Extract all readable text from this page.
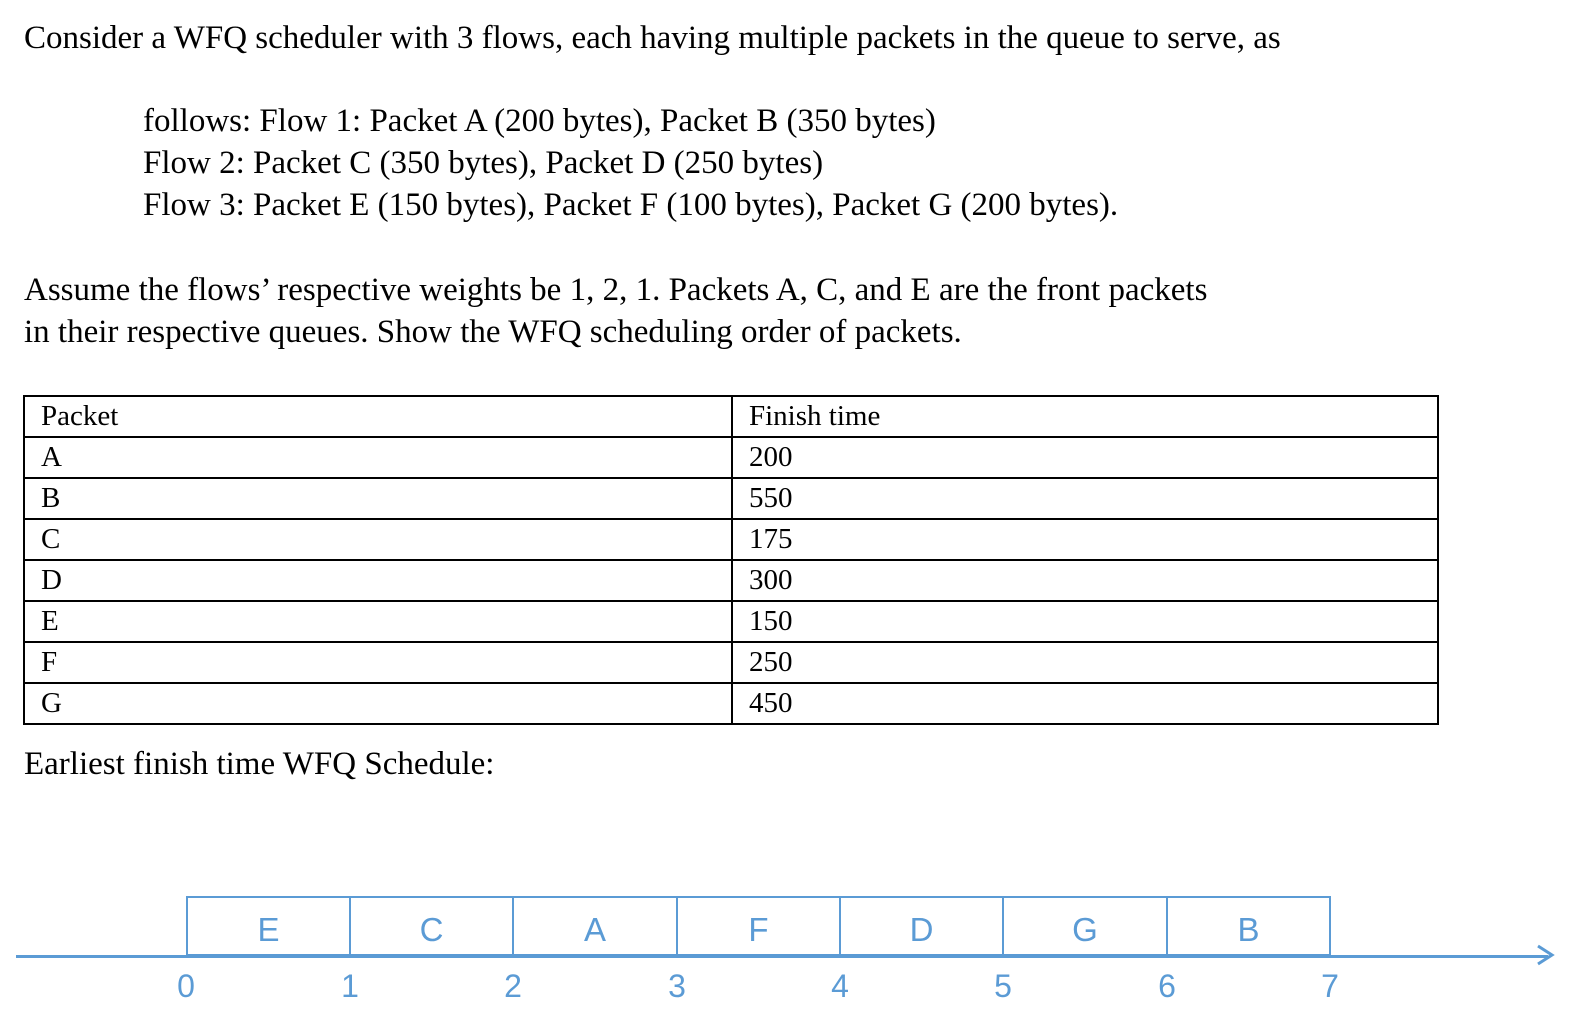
Consider a WFQ scheduler with 3 flows, each having multiple packets in the queue to serve, as

follows: Flow 1: Packet A (200 bytes), Packet B (350 bytes)

Flow 2: Packet C (350 bytes), Packet D (250 bytes)

Flow 3: Packet E (150 bytes), Packet F (100 bytes), Packet G (200 bytes).

Assume the flows’ respective weights be 1, 2, 1. Packets A, C, and E are the front packets

in their respective queues. Show the WFQ scheduling order of packets.

Packet	Finish time
A	200
B	550
C	175
D	300
E	150
F	250
G	450

Earliest finish time WFQ Schedule:

E	C	A	F	D	G	B
0	1	2	3	4	5	6	7
